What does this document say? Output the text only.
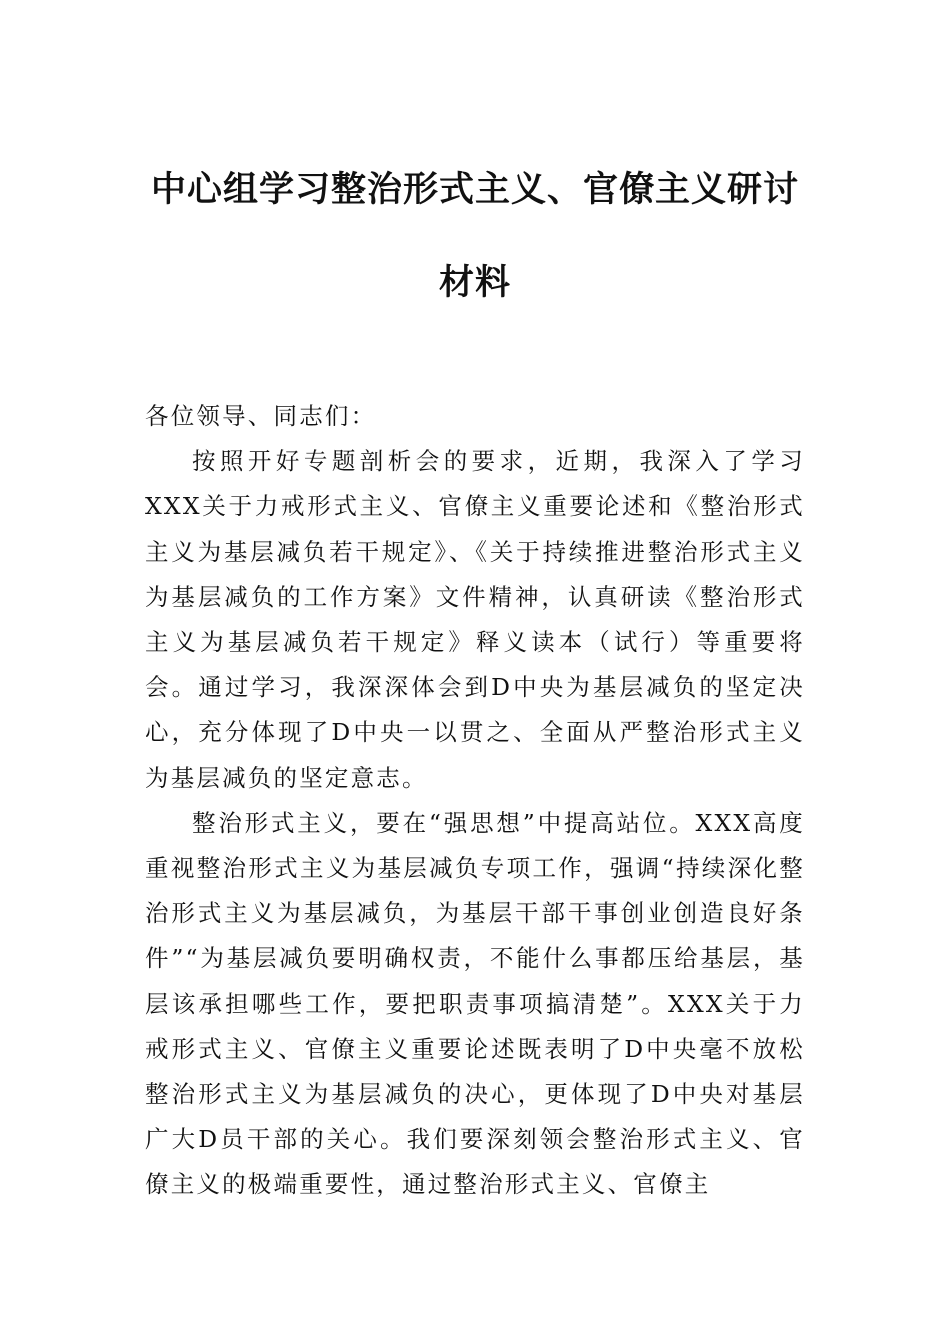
中心组学习整治形式主义、官僚主义研讨
材料

各位领导、同志们：

按照开好专题剖析会的要求，近期，我深入了学习XXX关于力戒形式主义、官僚主义重要论述和《整治形式主义为基层减负若干规定》、《关于持续推进整治形式主义为基层减负的工作方案》文件精神，认真研读《整治形式主义为基层减负若干规定》释义读本（试行）等重要将会。通过学习，我深深体会到D中央为基层减负的坚定决心，充分体现了D中央一以贯之、全面从严整治形式主义为基层减负的坚定意志。

整治形式主义，要在“强思想”中提高站位。XXX高度重视整治形式主义为基层减负专项工作，强调“持续深化整治形式主义为基层减负，为基层干部干事创业创造良好条件”“为基层减负要明确权责，不能什么事都压给基层，基层该承担哪些工作，要把职责事项搞清楚”。XXX关于力戒形式主义、官僚主义重要论述既表明了D中央毫不放松整治形式主义为基层减负的决心，更体现了D中央对基层广大D员干部的关心。我们要深刻领会整治形式主义、官僚主义的极端重要性，通过整治形式主义、官僚主
